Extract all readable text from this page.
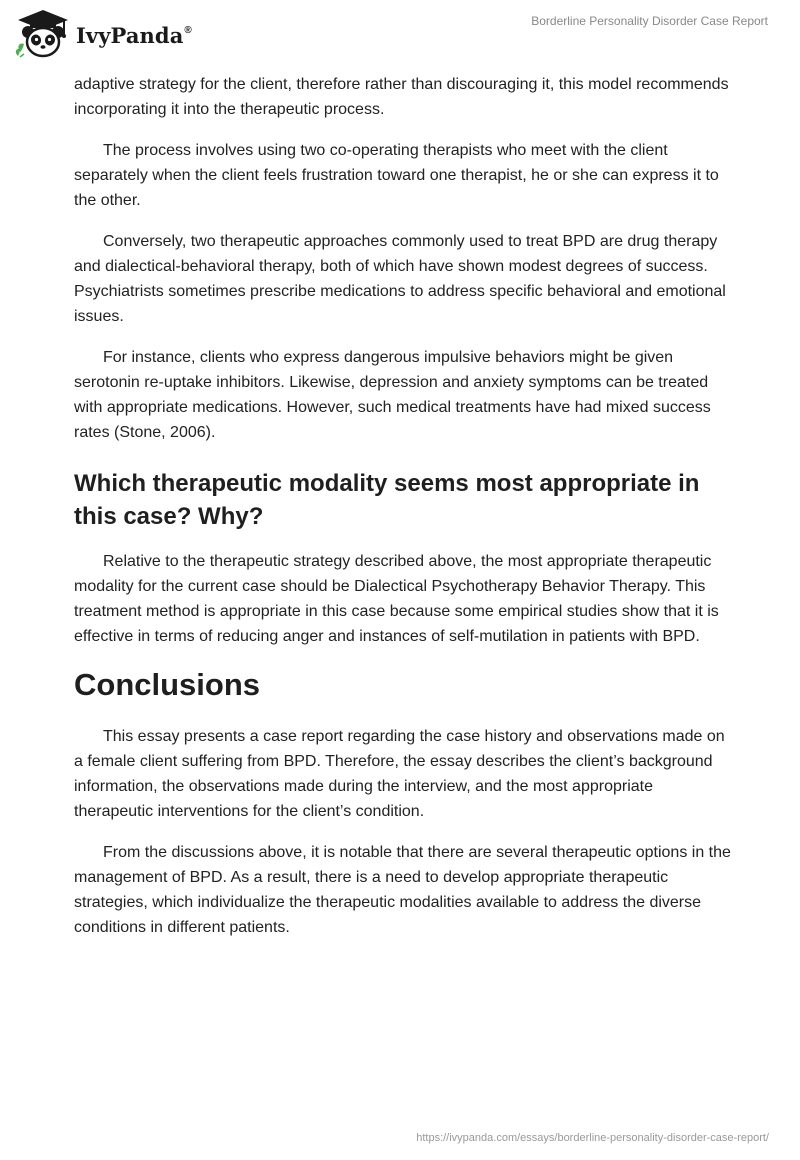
IvyPanda®
Borderline Personality Disorder Case Report

adaptive strategy for the client, therefore rather than discouraging it, this model recommends incorporating it into the therapeutic process.

The process involves using two co-operating therapists who meet with the client separately when the client feels frustration toward one therapist, he or she can express it to the other.

Conversely, two therapeutic approaches commonly used to treat BPD are drug therapy and dialectical-behavioral therapy, both of which have shown modest degrees of success. Psychiatrists sometimes prescribe medications to address specific behavioral and emotional issues.

For instance, clients who express dangerous impulsive behaviors might be given serotonin re-uptake inhibitors. Likewise, depression and anxiety symptoms can be treated with appropriate medications. However, such medical treatments have had mixed success rates (Stone, 2006).

Which therapeutic modality seems most appropriate in this case? Why?

Relative to the therapeutic strategy described above, the most appropriate therapeutic modality for the current case should be Dialectical Psychotherapy Behavior Therapy. This treatment method is appropriate in this case because some empirical studies show that it is effective in terms of reducing anger and instances of self-mutilation in patients with BPD.

Conclusions

This essay presents a case report regarding the case history and observations made on a female client suffering from BPD. Therefore, the essay describes the client’s background information, the observations made during the interview, and the most appropriate therapeutic interventions for the client’s condition.

From the discussions above, it is notable that there are several therapeutic options in the management of BPD. As a result, there is a need to develop appropriate therapeutic strategies, which individualize the therapeutic modalities available to address the diverse conditions in different patients.

https://ivypanda.com/essays/borderline-personality-disorder-case-report/
